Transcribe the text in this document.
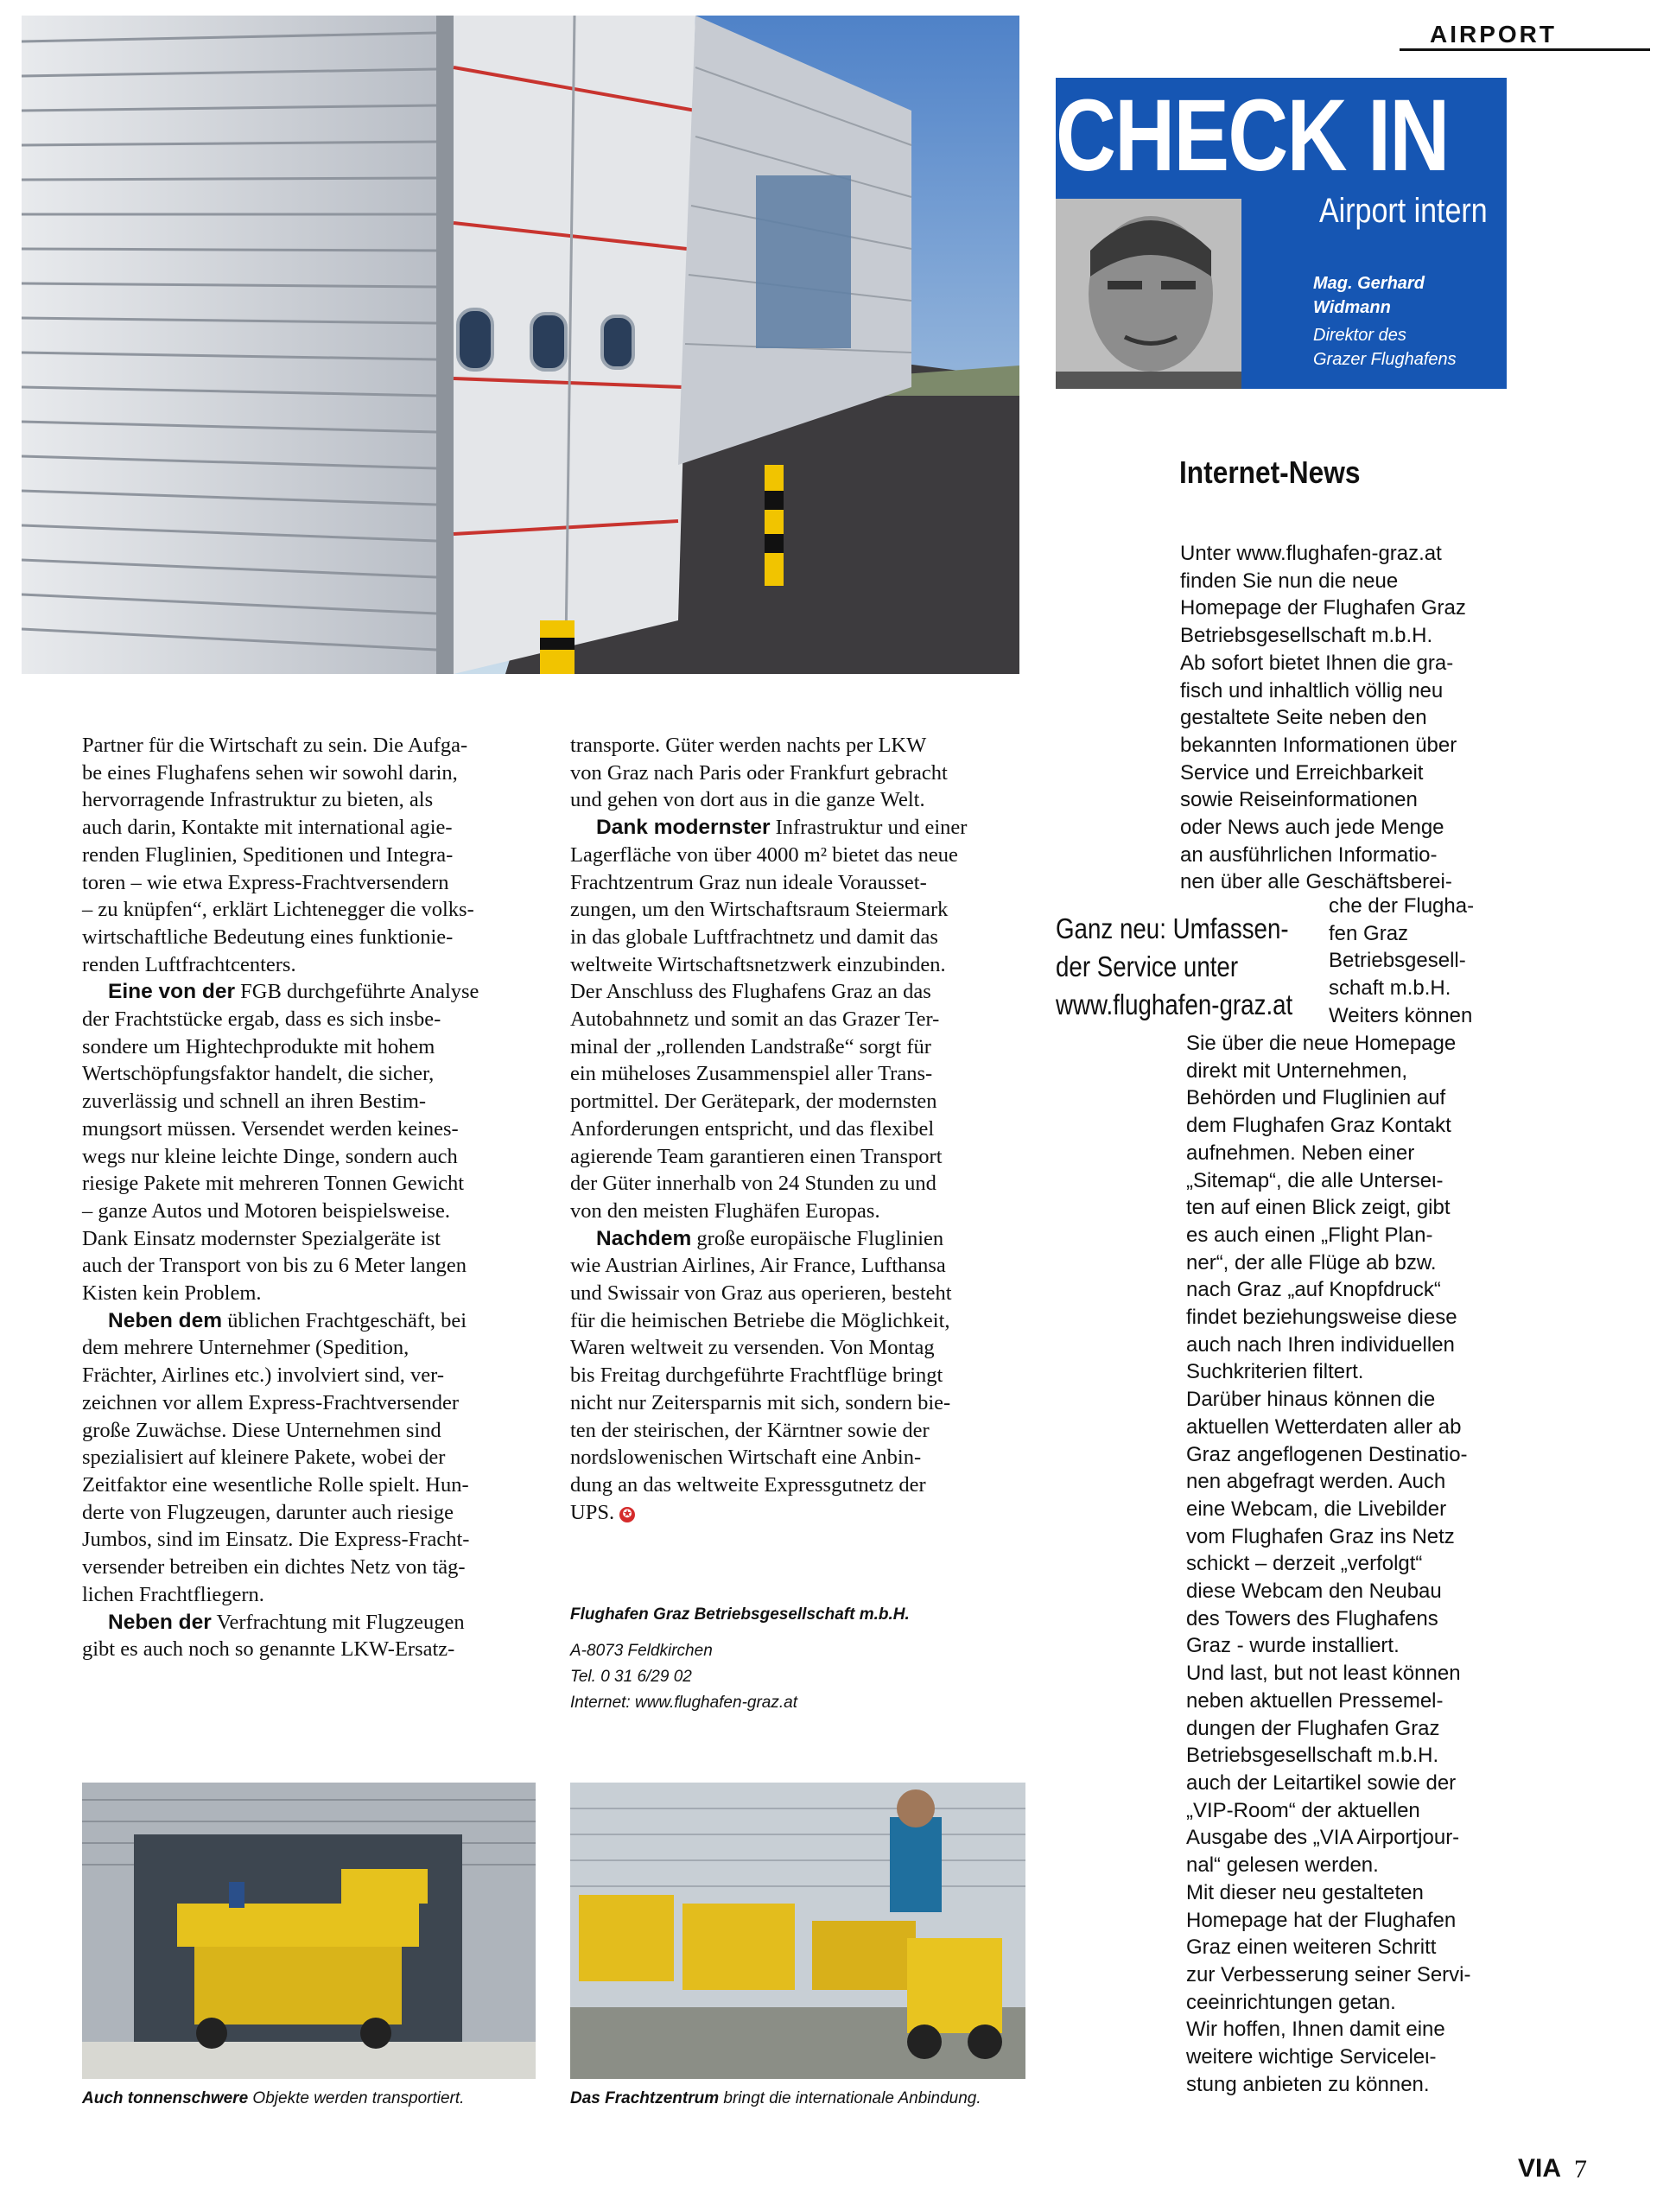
AIRPORT
CHECK IN
Airport intern
Mag. Gerhard
Widmann
Direktor des
Grazer Flughafens
Internet-News
Unter www.flughafen-graz.at
finden Sie nun die neue
Homepage der Flughafen Graz
Betriebsgesellschaft m.b.H.
Ab sofort bietet Ihnen die gra-
fisch und inhaltlich völlig neu
gestaltete Seite neben den
bekannten Informationen über
Service und Erreichbarkeit
sowie Reiseinformationen
oder News auch jede Menge
an ausführlichen Informatio-
nen über alle Geschäftsberei-
che der Flugha-
fen Graz
Betriebsgesell-
schaft m.b.H.
Weiters können
Sie über die neue Homepage
direkt mit Unternehmen,
Behörden und Fluglinien auf
dem Flughafen Graz Kontakt
aufnehmen. Neben einer
„Sitemap“, die alle Unterseι-
ten auf einen Blick zeigt, gibt
es auch einen „Flight Plan-
ner“, der alle Flüge ab bzw.
nach Graz „auf Knopfdruck“
findet beziehungsweise diese
auch nach Ihren individuellen
Suchkriterien filtert.
Darüber hinaus können die
aktuellen Wetterdaten aller ab
Graz angeflogenen Destinatio-
nen abgefragt werden. Auch
eine Webcam, die Livebilder
vom Flughafen Graz ins Netz
schickt – derzeit „verfolgt“
diese Webcam den Neubau
des Towers des Flughafens
Graz - wurde installiert.
Und last, but not least können
neben aktuellen Pressemel-
dungen der Flughafen Graz
Betriebsgesellschaft m.b.H.
auch der Leitartikel sowie der
„VIP-Room“ der aktuellen
Ausgabe des „VIA Airportjour-
nal“ gelesen werden.
Mit dieser neu gestalteten
Homepage hat der Flughafen
Graz einen weiteren Schritt
zur Verbesserung seiner Servi-
ceeinrichtungen getan.
Wir hoffen, Ihnen damit eine
weitere wichtige Serviceleι-
stung anbieten zu können.
Ganz neu: Umfassen-
der Service unter
www.flughafen-graz.at

Partner für die Wirtschaft zu sein. Die Aufga-
be eines Flughafens sehen wir sowohl darin,
hervorragende Infrastruktur zu bieten, als
auch darin, Kontakte mit international agie-
renden Fluglinien, Speditionen und Integra-
toren – wie etwa Express-Frachtversendern
– zu knüpfen“, erklärt Lichtenegger die volks-
wirtschaftliche Bedeutung eines funktionie-
renden Luftfrachtcenters.

Eine von der FGB durchgeführte Analyse
der Frachtstücke ergab, dass es sich insbe-
sondere um Hightechprodukte mit hohem
Wertschöpfungsfaktor handelt, die sicher,
zuverlässig und schnell an ihren Bestim-
mungsort müssen. Versendet werden keines-
wegs nur kleine leichte Dinge, sondern auch
riesige Pakete mit mehreren Tonnen Gewicht
– ganze Autos und Motoren beispielsweise.
Dank Einsatz modernster Spezialgeräte ist
auch der Transport von bis zu 6 Meter langen
Kisten kein Problem.

Neben dem üblichen Frachtgeschäft, bei
dem mehrere Unternehmer (Spedition,
Frächter, Airlines etc.) involviert sind, ver-
zeichnen vor allem Express-Frachtversender
große Zuwächse. Diese Unternehmen sind
spezialisiert auf kleinere Pakete, wobei der
Zeitfaktor eine wesentliche Rolle spielt. Hun-
derte von Flugzeugen, darunter auch riesige
Jumbos, sind im Einsatz. Die Express-Fracht-
versender betreiben ein dichtes Netz von täg-
lichen Frachtfliegern.

Neben der Verfrachtung mit Flugzeugen
gibt es auch noch so genannte LKW-Ersatz-

transporte. Güter werden nachts per LKW
von Graz nach Paris oder Frankfurt gebracht
und gehen von dort aus in die ganze Welt.

Dank modernster Infrastruktur und einer
Lagerfläche von über 4000 m² bietet das neue
Frachtzentrum Graz nun ideale Vorausset-
zungen, um den Wirtschaftsraum Steiermark
in das globale Luftfrachtnetz und damit das
weltweite Wirtschaftsnetzwerk einzubinden.
Der Anschluss des Flughafens Graz an das
Autobahnnetz und somit an das Grazer Ter-
minal der „rollenden Landstraße“ sorgt für
ein müheloses Zusammenspiel aller Trans-
portmittel. Der Gerätepark, der modernsten
Anforderungen entspricht, und das flexibel
agierende Team garantieren einen Transport
der Güter innerhalb von 24 Stunden zu und
von den meisten Flughäfen Europas.

Nachdem große europäische Fluglinien
wie Austrian Airlines, Air France, Lufthansa
und Swissair von Graz aus operieren, besteht
für die heimischen Betriebe die Möglichkeit,
Waren weltweit zu versenden. Von Montag
bis Freitag durchgeführte Frachtflüge bringt
nicht nur Zeitersparnis mit sich, sondern bie-
ten der steirischen, der Kärntner sowie der
nordslowenischen Wirtschaft eine Anbin-
dung an das weltweite Expressgutnetz der
UPS. ✪

Flughafen Graz Betriebsgesellschaft m.b.H.
A-8073 Feldkirchen
Tel. 0 31 6/29 02
Internet: www.flughafen-graz.at
Auch tonnenschwere Objekte werden transportiert.	Das Frachtzentrum bringt die internationale Anbindung.
VIA 7
